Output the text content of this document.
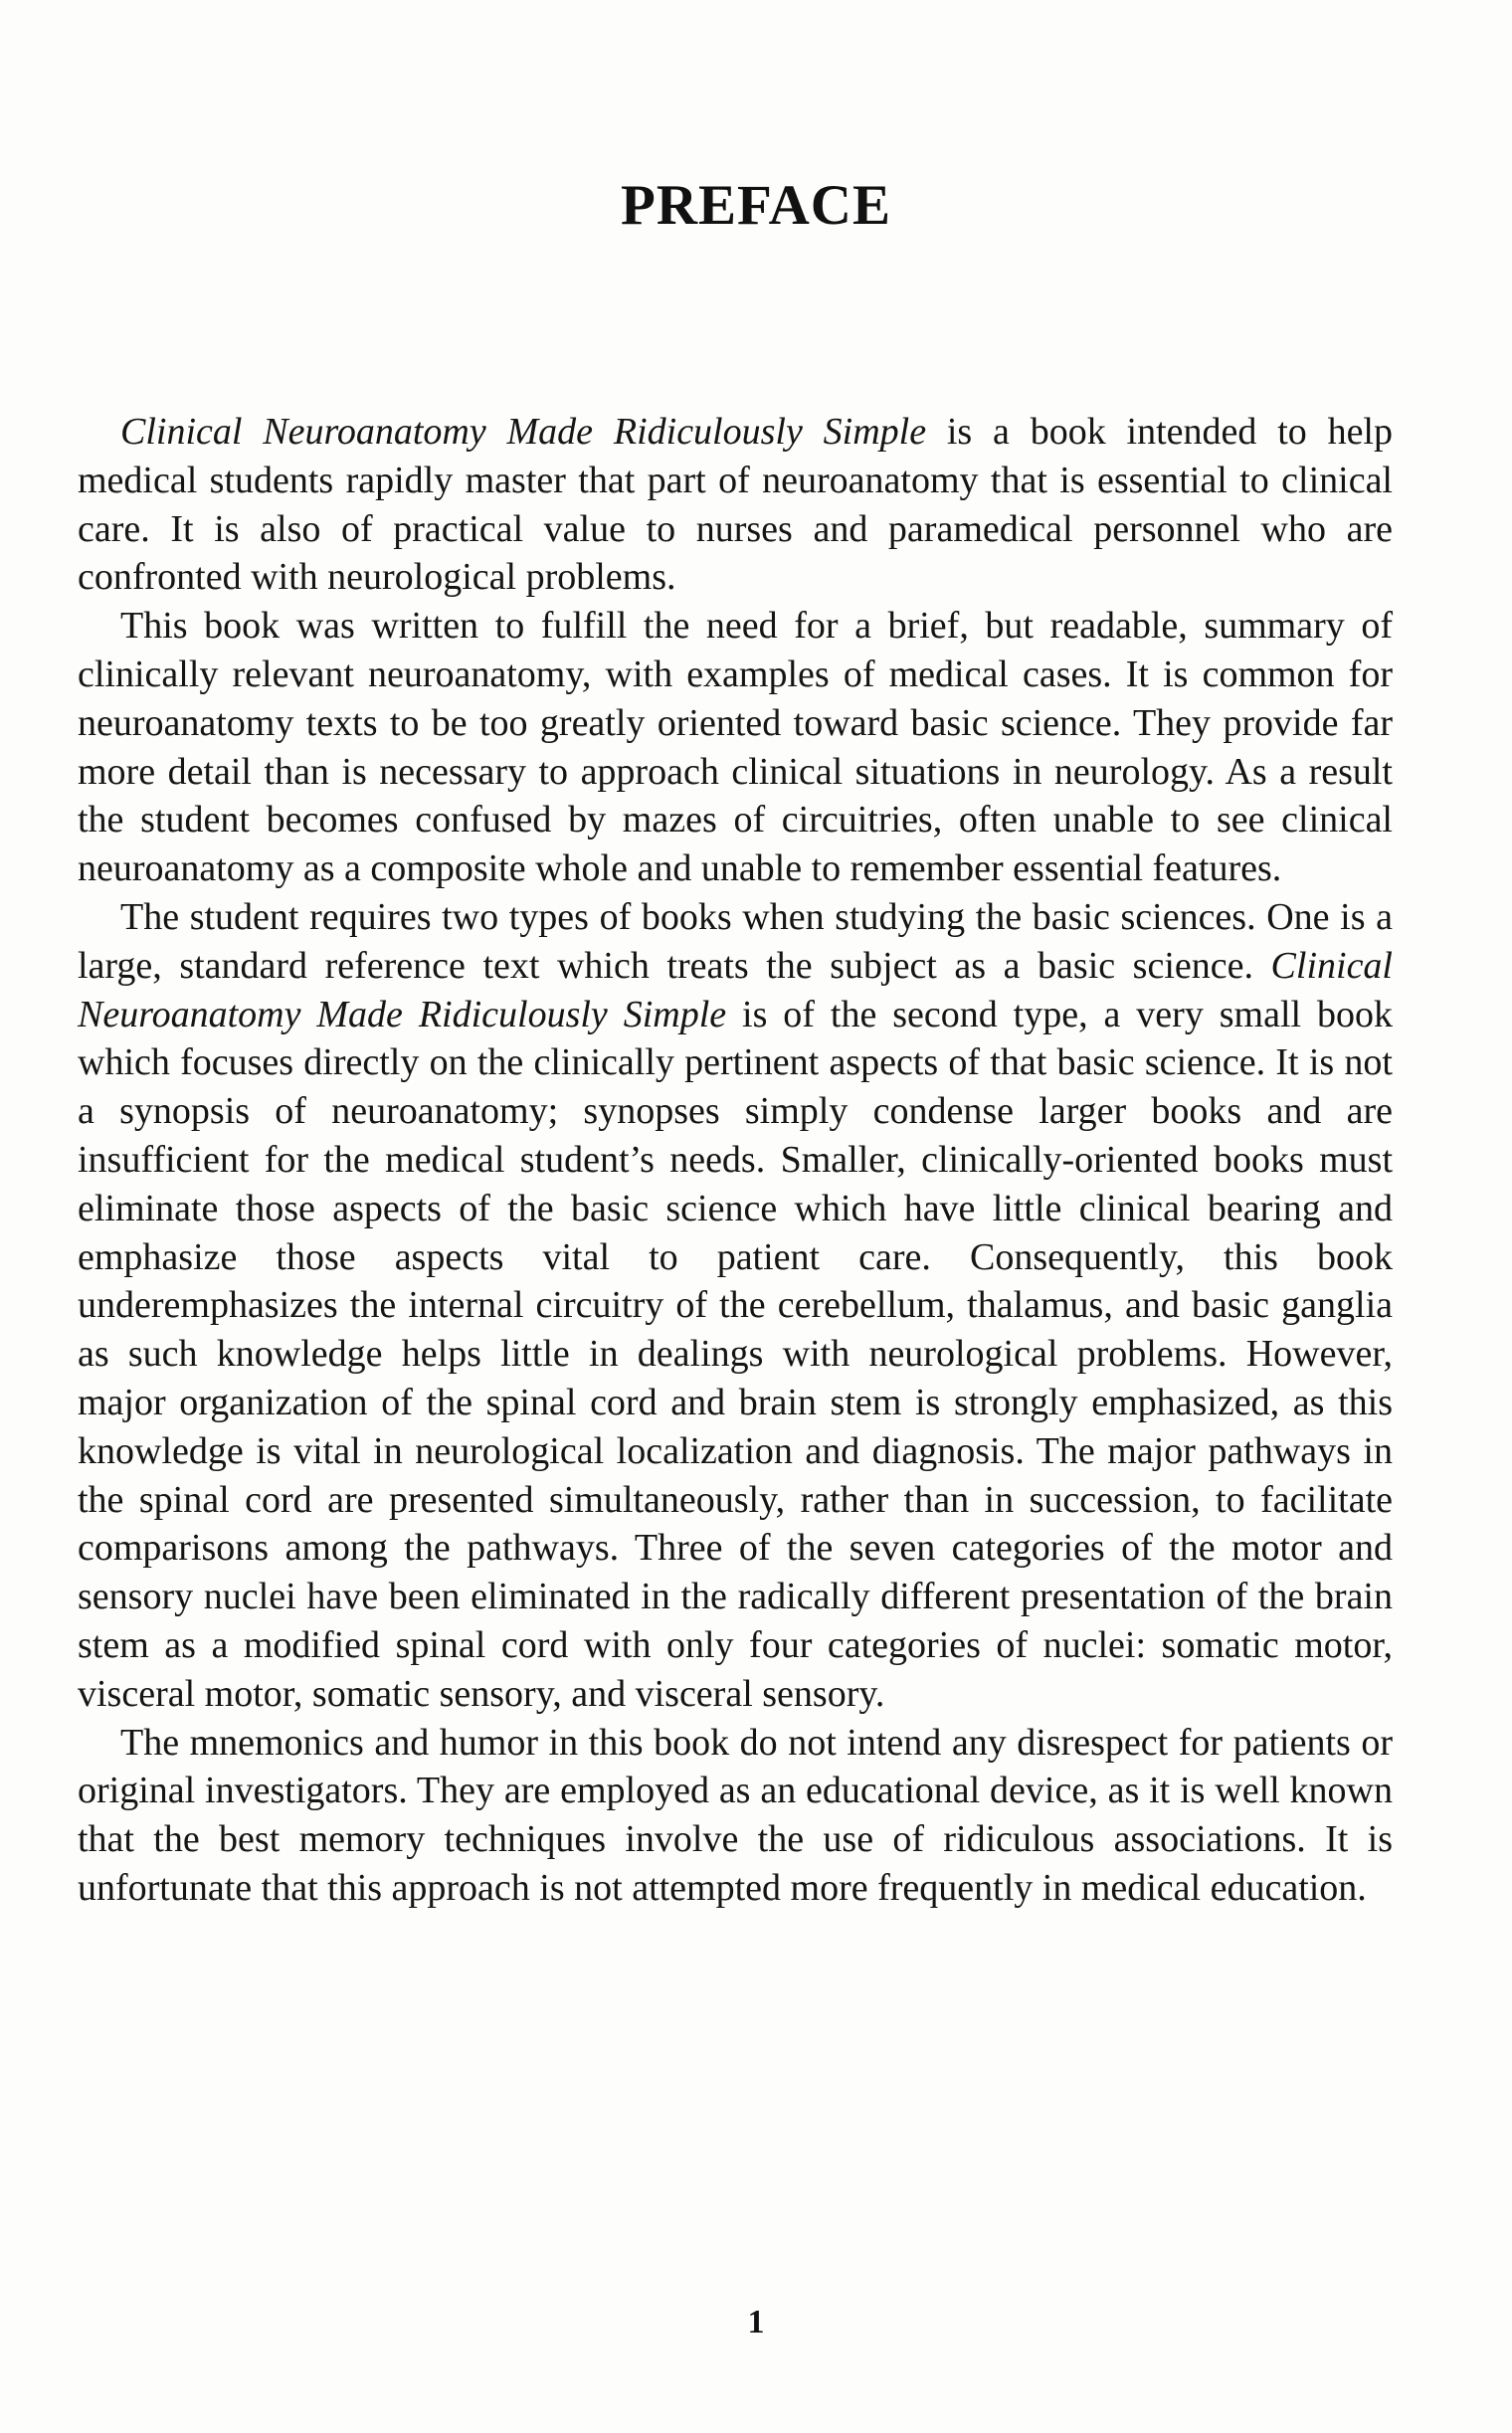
PREFACE

Clinical Neuroanatomy Made Ridiculously Simple is a book intended to help medical students rapidly master that part of neuroanatomy that is essential to clinical care. It is also of practical value to nurses and paramedical personnel who are confronted with neurological problems.

This book was written to fulfill the need for a brief, but readable, summary of clinically relevant neuroanatomy, with examples of medical cases. It is common for neuroanatomy texts to be too greatly oriented toward basic science. They provide far more detail than is necessary to approach clinical situations in neurology. As a result the student becomes confused by mazes of circuitries, often unable to see clinical neuroanatomy as a composite whole and unable to remember essential features.

The student requires two types of books when studying the basic sciences. One is a large, standard reference text which treats the subject as a basic science. Clinical Neuroanatomy Made Ridiculously Simple is of the second type, a very small book which focuses directly on the clinically pertinent aspects of that basic science. It is not a synopsis of neuroanatomy; synopses simply condense larger books and are insufficient for the medical student’s needs. Smaller, clinically-oriented books must eliminate those aspects of the basic science which have little clinical bearing and emphasize those aspects vital to patient care. Consequently, this book underemphasizes the internal circuitry of the cerebellum, thalamus, and basic ganglia as such knowledge helps little in dealings with neurological problems. However, major organization of the spinal cord and brain stem is strongly emphasized, as this knowledge is vital in neurological localization and diagnosis. The major pathways in the spinal cord are presented simultaneously, rather than in succession, to facilitate comparisons among the pathways. Three of the seven categories of the motor and sensory nuclei have been eliminated in the radically different presentation of the brain stem as a modified spinal cord with only four categories of nuclei: somatic motor, visceral motor, somatic sensory, and visceral sensory.

The mnemonics and humor in this book do not intend any disrespect for patients or original investigators. They are employed as an educational device, as it is well known that the best memory techniques involve the use of ridiculous associations. It is unfortunate that this approach is not attempted more frequently in medical education.

1
